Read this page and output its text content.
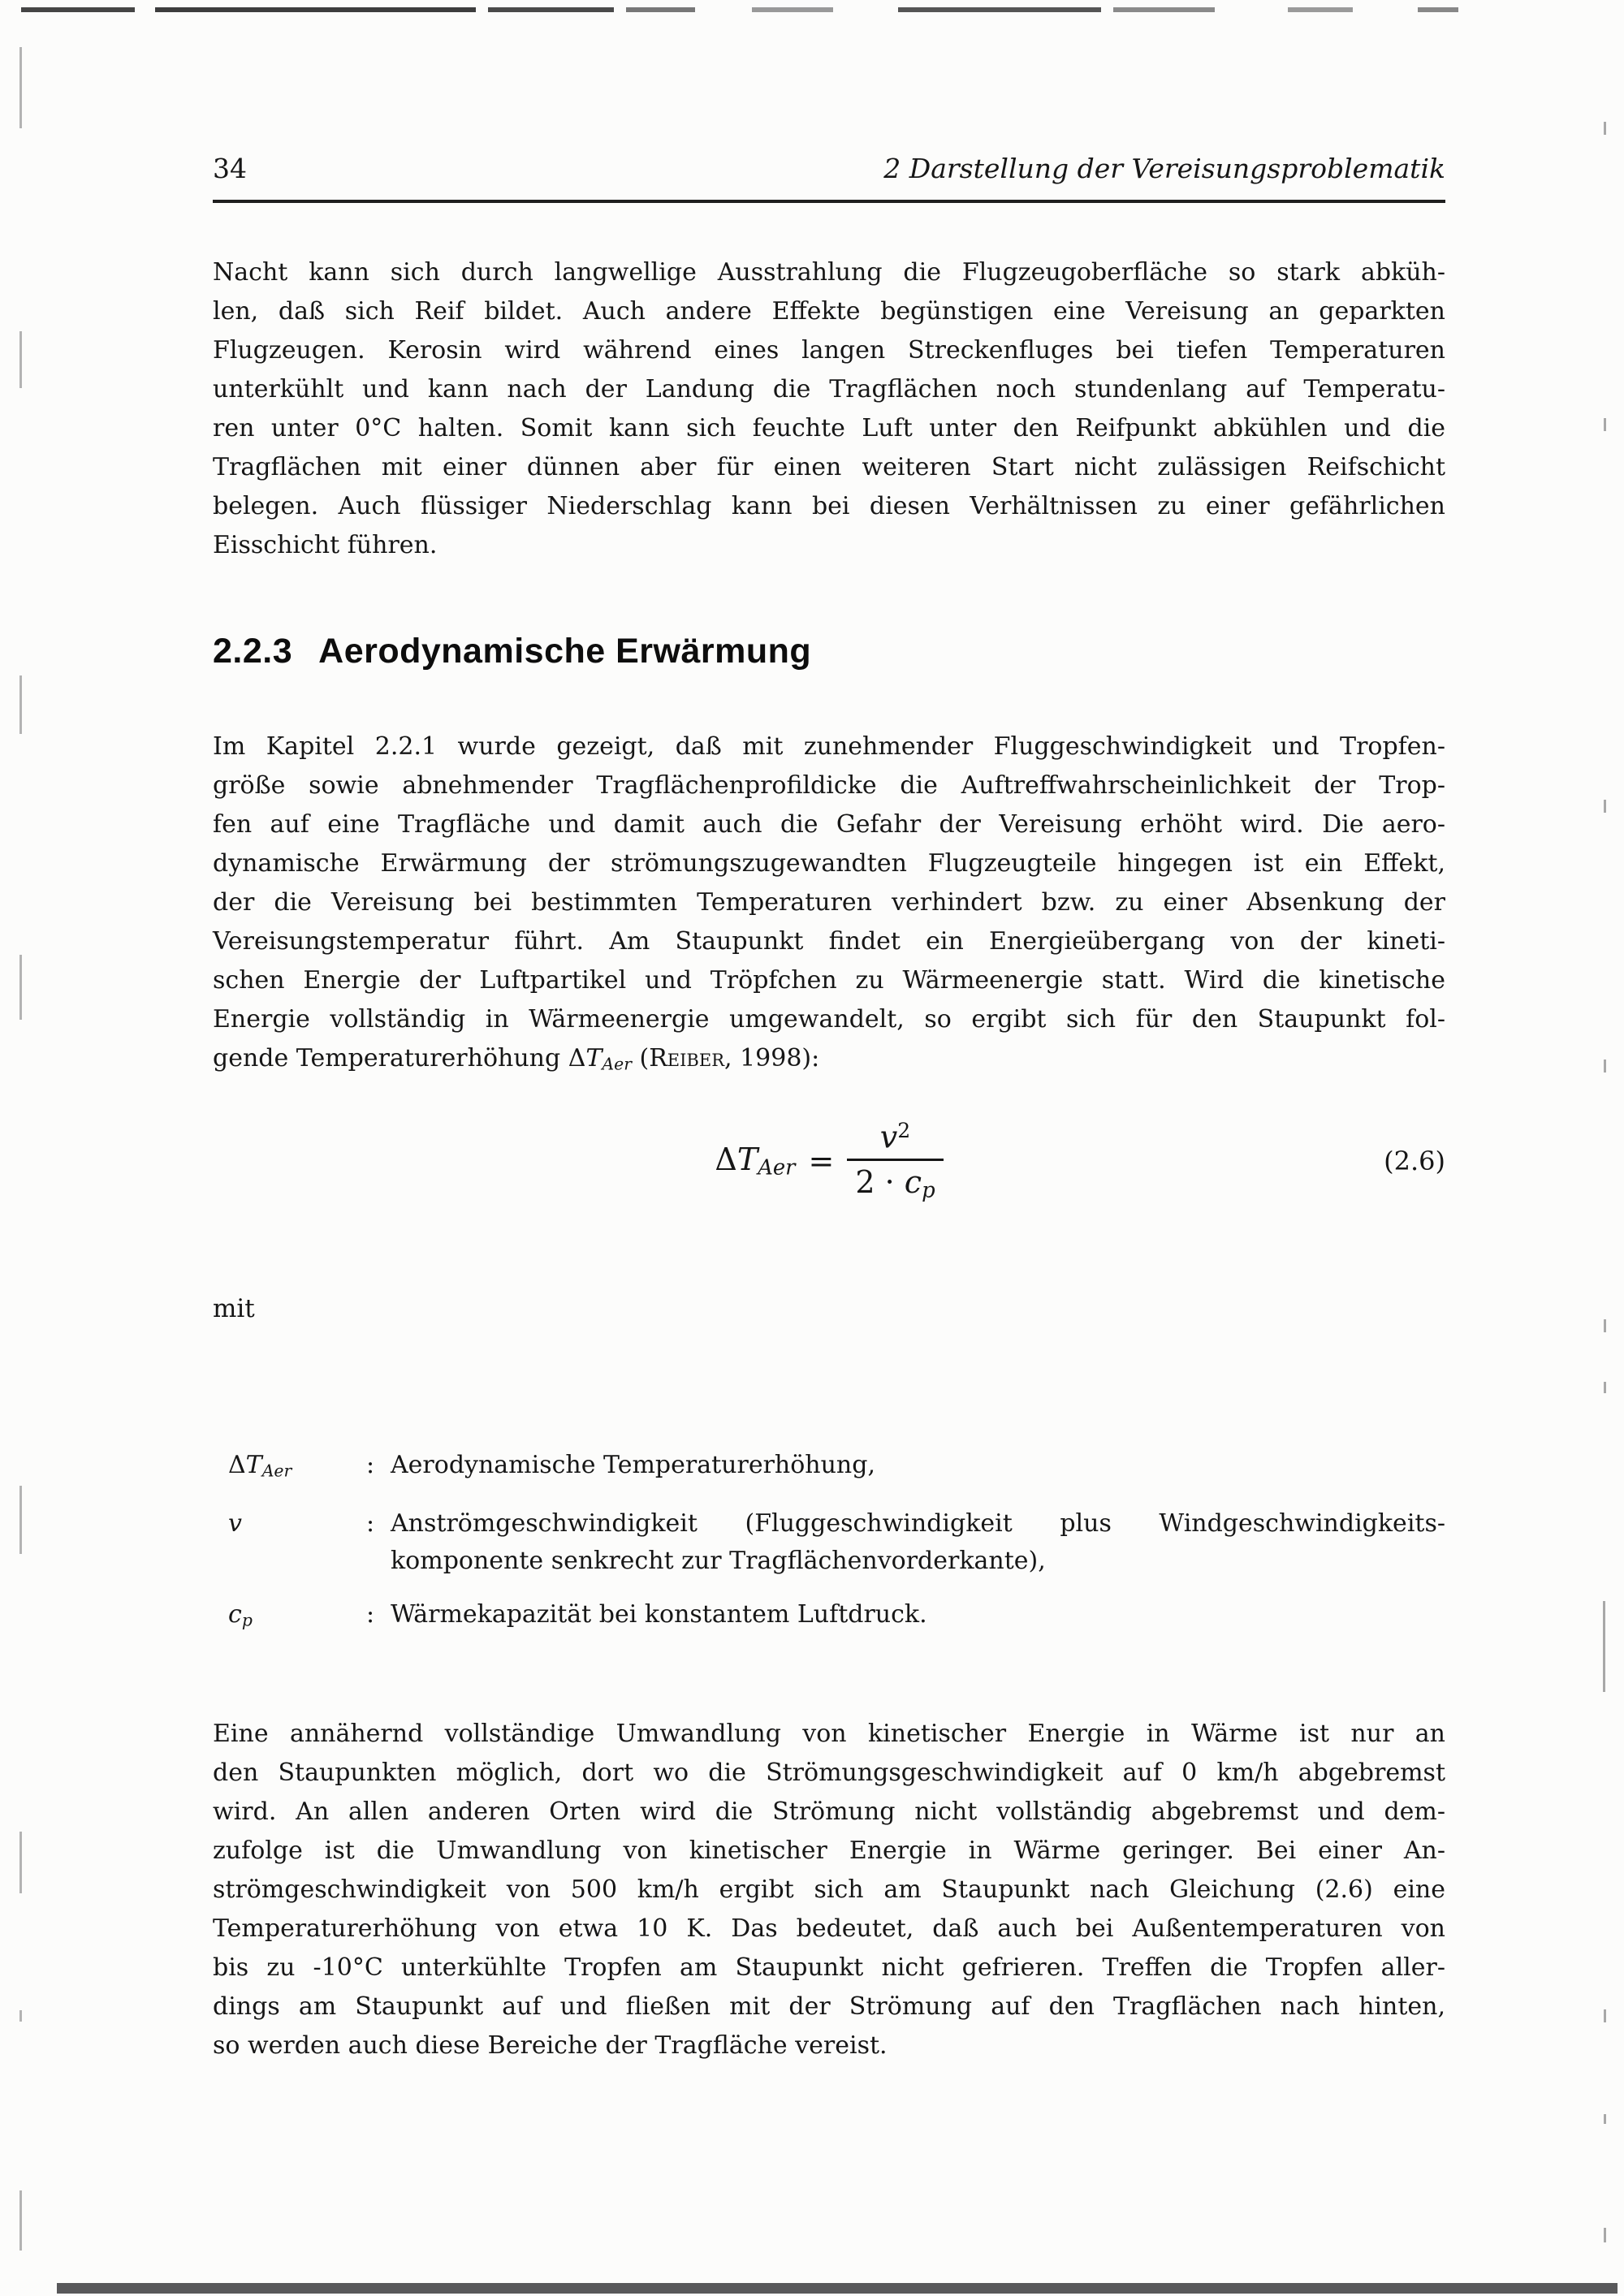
34	2 Darstellung der Vereisungsproblematik
Nacht kann sich durch langwellige Ausstrahlung die Flugzeugoberfläche so stark abküh-
len, daß sich Reif bildet. Auch andere Effekte begünstigen eine Vereisung an geparkten
Flugzeugen. Kerosin wird während eines langen Streckenfluges bei tiefen Temperaturen
unterkühlt und kann nach der Landung die Tragflächen noch stundenlang auf Temperatu-
ren unter 0°C halten. Somit kann sich feuchte Luft unter den Reifpunkt abkühlen und die
Tragflächen mit einer dünnen aber für einen weiteren Start nicht zulässigen Reifschicht
belegen. Auch flüssiger Niederschlag kann bei diesen Verhältnissen zu einer gefährlichen
Eisschicht führen.
2.2.3 Aerodynamische Erwärmung
Im Kapitel 2.2.1 wurde gezeigt, daß mit zunehmender Fluggeschwindigkeit und Tropfen-
größe sowie abnehmender Tragflächenprofildicke die Auftreffwahrscheinlichkeit der Trop-
fen auf eine Tragfläche und damit auch die Gefahr der Vereisung erhöht wird. Die aero-
dynamische Erwärmung der strömungszugewandten Flugzeugteile hingegen ist ein Effekt,
der die Vereisung bei bestimmten Temperaturen verhindert bzw. zu einer Absenkung der
Vereisungstemperatur führt. Am Staupunkt findet ein Energieübergang von der kineti-
schen Energie der Luftpartikel und Tröpfchen zu Wärmeenergie statt. Wird die kinetische
Energie vollständig in Wärmeenergie umgewandelt, so ergibt sich für den Staupunkt fol-
gende Temperaturerhöhung ΔTAer (Reiber, 1998):
ΔTAer = $\frac{v^2}{2 \cdot cp}$	(2.6)
mit
ΔTAer	: Aerodynamische Temperaturerhöhung,
v	: Anströmgeschwindigkeit (Fluggeschwindigkeit plus Windgeschwindigkeits-
komponente senkrecht zur Tragflächenvorderkante),
cp	: Wärmekapazität bei konstantem Luftdruck.
Eine annähernd vollständige Umwandlung von kinetischer Energie in Wärme ist nur an
den Staupunkten möglich, dort wo die Strömungsgeschwindigkeit auf 0 km/h abgebremst
wird. An allen anderen Orten wird die Strömung nicht vollständig abgebremst und dem-
zufolge ist die Umwandlung von kinetischer Energie in Wärme geringer. Bei einer An-
strömgeschwindigkeit von 500 km/h ergibt sich am Staupunkt nach Gleichung (2.6) eine
Temperaturerhöhung von etwa 10 K. Das bedeutet, daß auch bei Außentemperaturen von
bis zu -10°C unterkühlte Tropfen am Staupunkt nicht gefrieren. Treffen die Tropfen aller-
dings am Staupunkt auf und fließen mit der Strömung auf den Tragflächen nach hinten,
so werden auch diese Bereiche der Tragfläche vereist.
